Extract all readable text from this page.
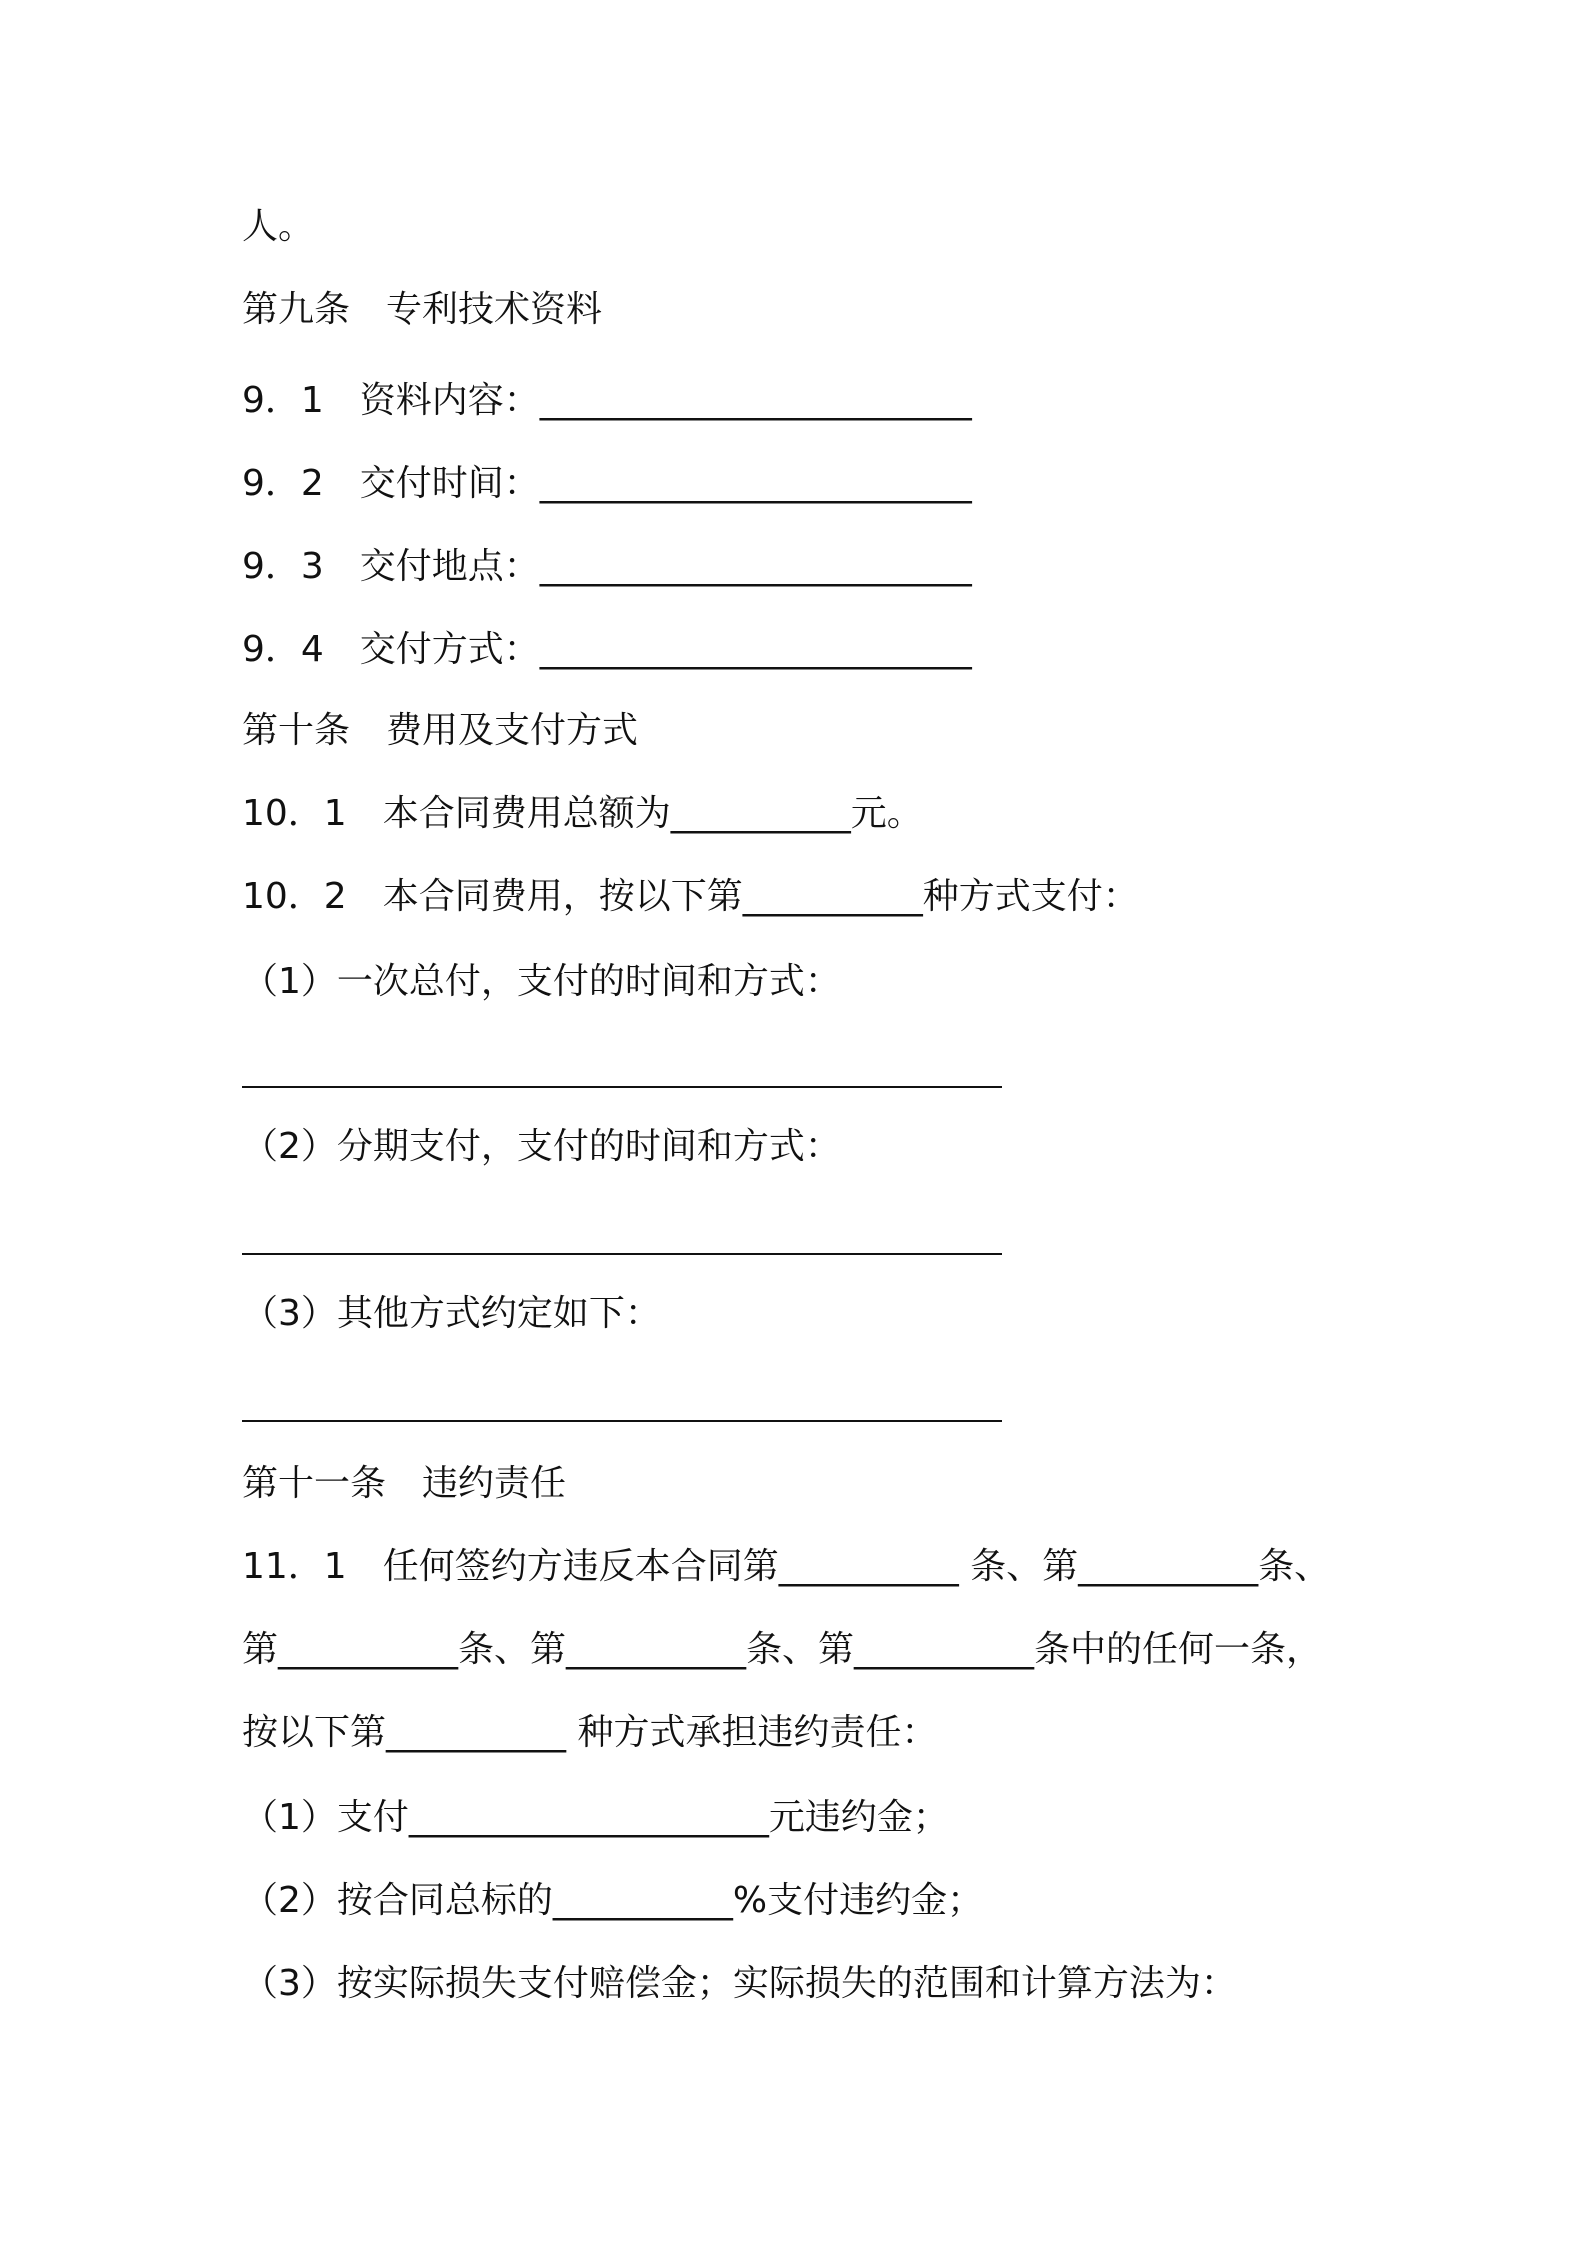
人。

第九条　专利技术资料

9．1　资料内容：________________________

9．2　交付时间：________________________

9．3　交付地点：________________________

9．4　交付方式：________________________

第十条　费用及支付方式

10．1　本合同费用总额为__________元。

10．2　本合同费用，按以下第__________种方式支付：

（1）一次总付，支付的时间和方式：

（2）分期支付，支付的时间和方式：

（3）其他方式约定如下：

第十一条　违约责任

11．1　任何签约方违反本合同第__________ 条、第__________条、

第__________条、第__________条、第__________条中的任何一条，

按以下第__________ 种方式承担违约责任：

（1）支付____________________元违约金；

（2）按合同总标的__________%支付违约金；

（3）按实际损失支付赔偿金；实际损失的范围和计算方法为：
